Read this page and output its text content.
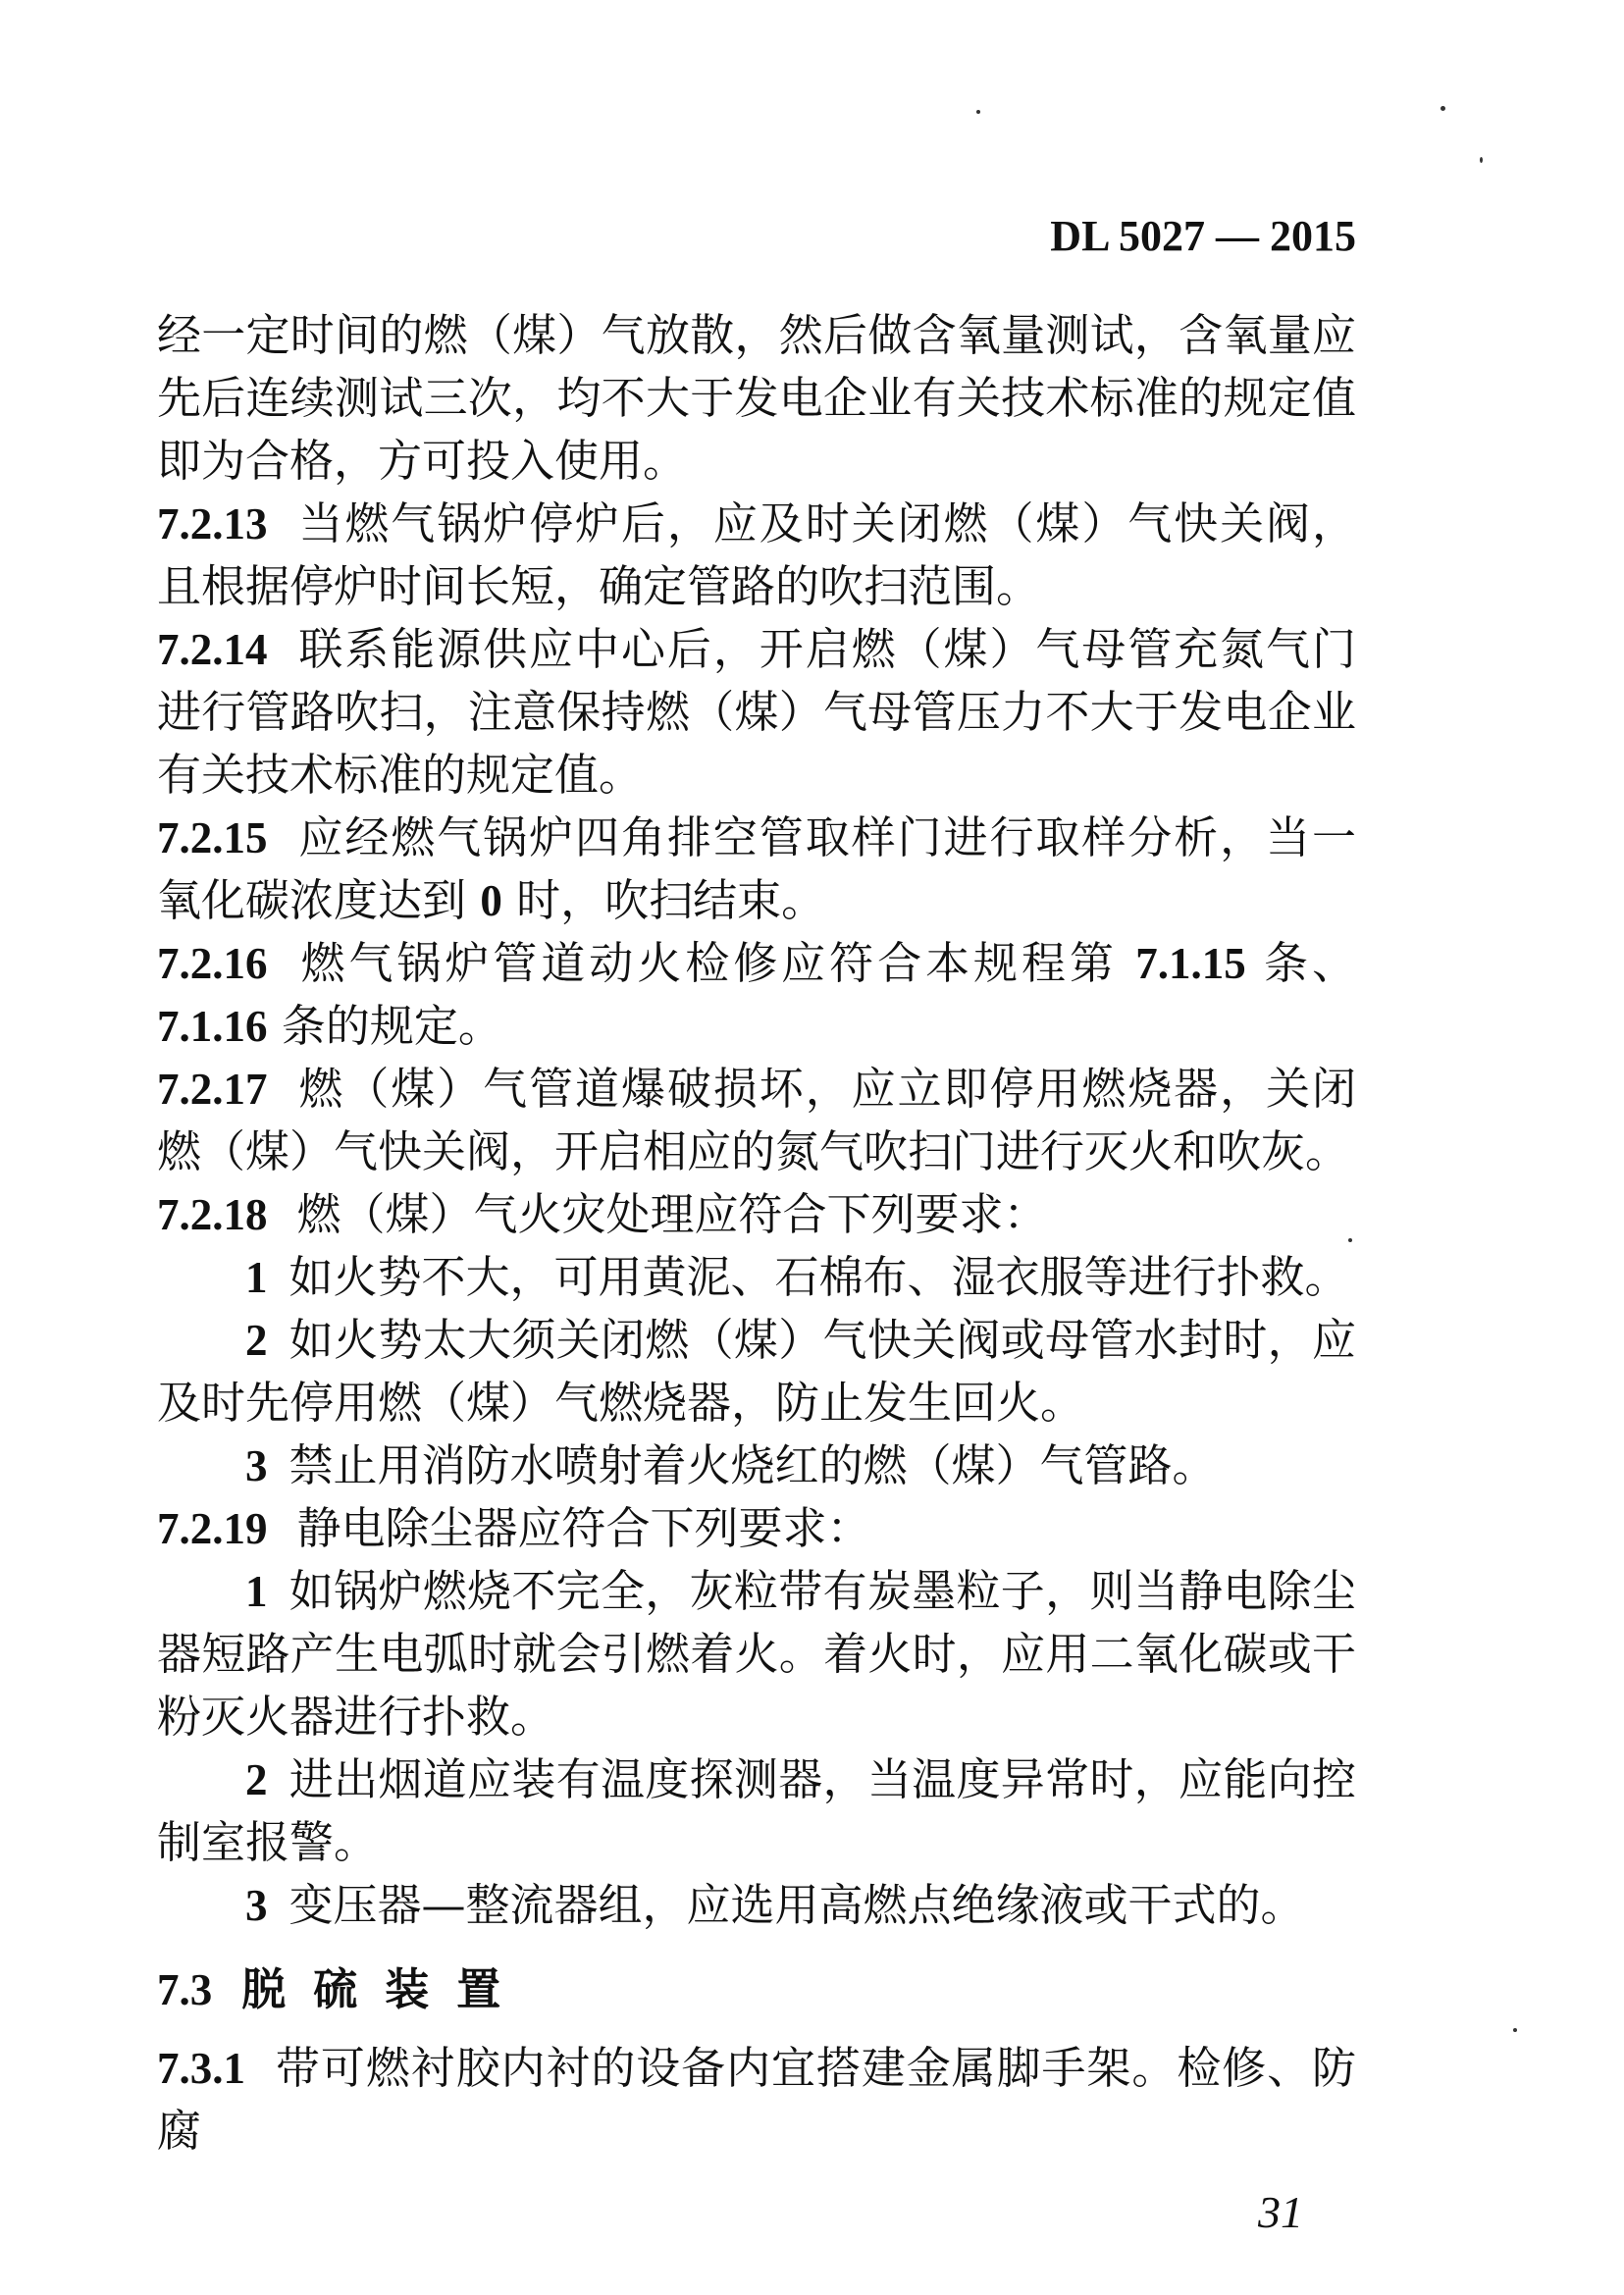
DL 5027 — 2015

经一定时间的燃（煤）气放散，然后做含氧量测试，含氧量应先后连续测试三次，均不大于发电企业有关技术标准的规定值即为合格，方可投入使用。

7.2.13 当燃气锅炉停炉后，应及时关闭燃（煤）气快关阀，且根据停炉时间长短，确定管路的吹扫范围。

7.2.14 联系能源供应中心后，开启燃（煤）气母管充氮气门进行管路吹扫，注意保持燃（煤）气母管压力不大于发电企业有关技术标准的规定值。

7.2.15 应经燃气锅炉四角排空管取样门进行取样分析，当一氧化碳浓度达到 0 时，吹扫结束。

7.2.16 燃气锅炉管道动火检修应符合本规程第 7.1.15 条、7.1.16 条的规定。

7.2.17 燃（煤）气管道爆破损坏，应立即停用燃烧器，关闭燃（煤）气快关阀，开启相应的氮气吹扫门进行灭火和吹灰。

7.2.18 燃（煤）气火灾处理应符合下列要求：

1 如火势不大，可用黄泥、石棉布、湿衣服等进行扑救。

2 如火势太大须关闭燃（煤）气快关阀或母管水封时，应及时先停用燃（煤）气燃烧器，防止发生回火。

3 禁止用消防水喷射着火烧红的燃（煤）气管路。

7.2.19 静电除尘器应符合下列要求：

1 如锅炉燃烧不完全，灰粒带有炭墨粒子，则当静电除尘器短路产生电弧时就会引燃着火。着火时，应用二氧化碳或干粉灭火器进行扑救。

2 进出烟道应装有温度探测器，当温度异常时，应能向控制室报警。

3 变压器—整流器组，应选用高燃点绝缘液或干式的。

7.3 脱硫装置

7.3.1 带可燃衬胶内衬的设备内宜搭建金属脚手架。检修、防腐

31
